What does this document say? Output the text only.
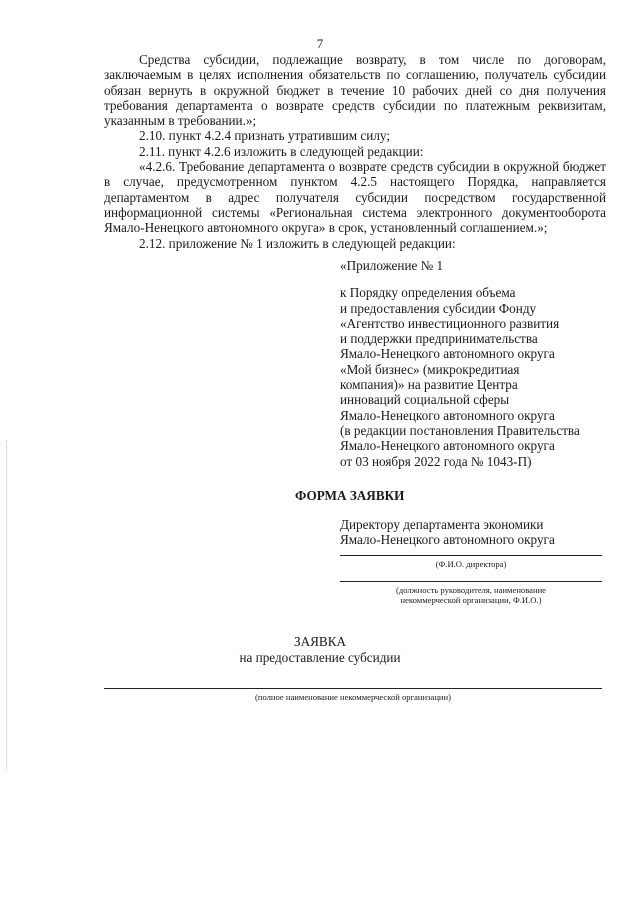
7

Средства субсидии, подлежащие возврату, в том числе по договорам, заключаемым в целях исполнения обязательств по соглашению, получатель субсидии обязан вернуть в окружной бюджет в течение 10 рабочих дней со дня получения требования департамента о возврате средств субсидии по платежным реквизитам, указанным в требовании.»;

2.10. пункт 4.2.4 признать утратившим силу;

2.11. пункт 4.2.6 изложить в следующей редакции:

«4.2.6. Требование департамента о возврате средств субсидии в окружной бюджет в случае, предусмотренном пунктом 4.2.5 настоящего Порядка, направляется департаментом в адрес получателя субсидии посредством государственной информационной системы «Региональная система электронного документооборота Ямало-Ненецкого автономного округа» в срок, установленный соглашением.»;

2.12. приложение № 1 изложить в следующей редакции:

«Приложение № 1
к Порядку определения объема
и предоставления субсидии Фонду
«Агентство инвестиционного развития
и поддержки предпринимательства
Ямало-Ненецкого автономного округа
«Мой бизнес» (микрокредитиая
компания)» на развитие Центра
инноваций социальной сферы
Ямало-Ненецкого автономного округа
(в редакции постановления Правительства
Ямало-Ненецкого автономного округа
от 03 ноября 2022 года № 1043-П)
ФОРМА ЗАЯВКИ
Директору департамента экономики
Ямало-Ненецкого автономного округа
(Ф.И.О. директора)
(должность руководителя, наименование некоммерческой организации, Ф.И.О.)
ЗАЯВКА
на предоставление субсидии
(полное наименование некоммерческой организации)
